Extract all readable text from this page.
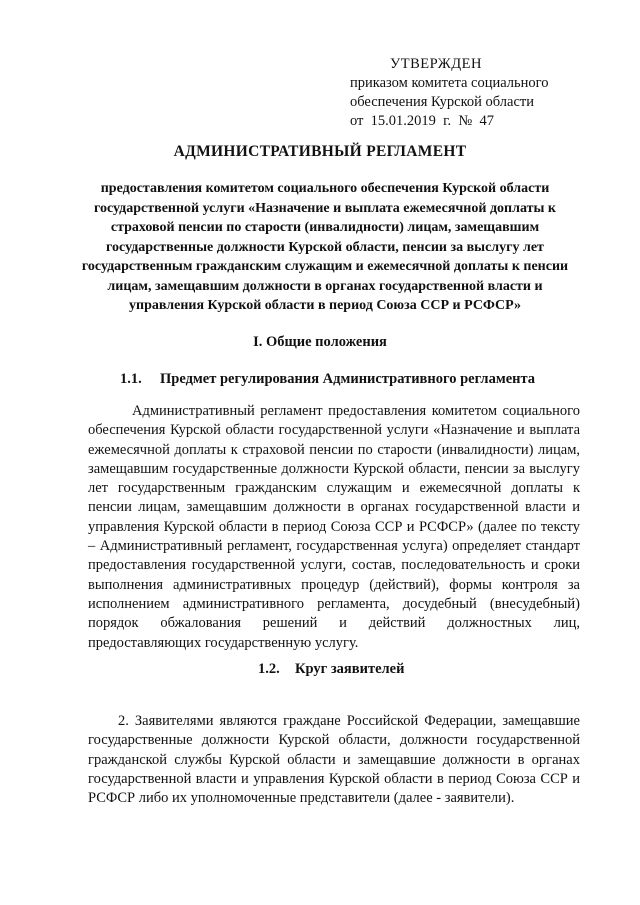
УТВЕРЖДЕН
приказом комитета социального
обеспечения Курской области
от 15.01.2019 г. № 47
АДМИНИСТРАТИВНЫЙ РЕГЛАМЕНТ
предоставления комитетом социального обеспечения Курской области государственной услуги «Назначение и выплата ежемесячной доплаты к страховой пенсии по старости (инвалидности) лицам, замещавшим государственные должности Курской области, пенсии за выслугу лет государственным гражданским служащим и ежемесячной доплаты к пенсии лицам, замещавшим должности в органах государственной власти и управления Курской области в период Союза ССР и РСФСР»
I. Общие положения
1.1. Предмет регулирования Административного регламента
Административный регламент предоставления комитетом социального обеспечения Курской области государственной услуги «Назначение и выплата ежемесячной доплаты к страховой пенсии по старости (инвалидности) лицам, замещавшим государственные должности Курской области, пенсии за выслугу лет государственным гражданским служащим и ежемесячной доплаты к пенсии лицам, замещавшим должности в органах государственной власти и управления Курской области в период Союза ССР и РСФСР» (далее по тексту – Административный регламент, государственная услуга) определяет стандарт предоставления государственной услуги, состав, последовательность и сроки выполнения административных процедур (действий), формы контроля за исполнением административного регламента, досудебный (внесудебный) порядок обжалования решений и действий должностных лиц, предоставляющих государственную услугу.
1.2. Круг заявителей
2. Заявителями являются граждане Российской Федерации, замещавшие государственные должности Курской области, должности государственной гражданской службы Курской области и замещавшие должности в органах государственной власти и управления Курской области в период Союза ССР и РСФСР либо их уполномоченные представители (далее - заявители).
